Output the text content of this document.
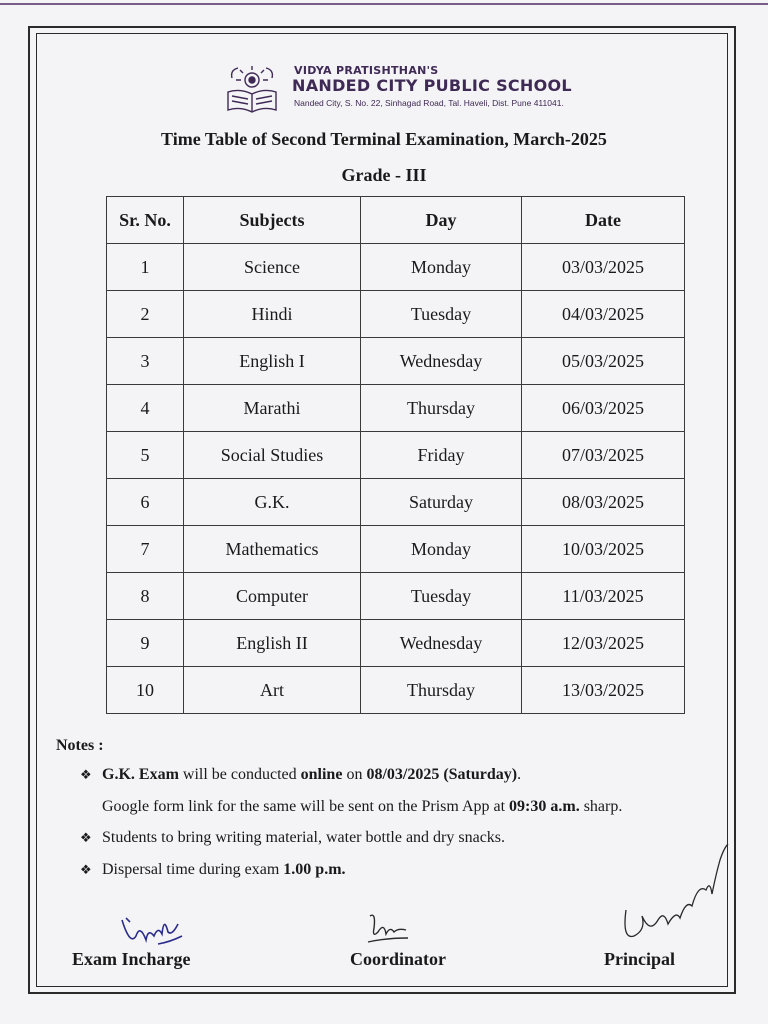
VIDYA PRATISHTHAN'S
NANDED CITY PUBLIC SCHOOL
Nanded City, S. No. 22, Sinhagad Road, Tal. Haveli, Dist. Pune 411041.
Time Table of Second Terminal Examination, March-2025
Grade - III
Sr. No.	Subjects	Day	Date
1	Science	Monday	03/03/2025
2	Hindi	Tuesday	04/03/2025
3	English I	Wednesday	05/03/2025
4	Marathi	Thursday	06/03/2025
5	Social Studies	Friday	07/03/2025
6	G.K.	Saturday	08/03/2025
7	Mathematics	Monday	10/03/2025
8	Computer	Tuesday	11/03/2025
9	English II	Wednesday	12/03/2025
10	Art	Thursday	13/03/2025
Notes :
❖ G.K. Exam will be conducted online on 08/03/2025 (Saturday).
Google form link for the same will be sent on the Prism App at 09:30 a.m. sharp.
❖ Students to bring writing material, water bottle and dry snacks.
❖ Dispersal time during exam 1.00 p.m.
Exam Incharge	Coordinator	Principal
